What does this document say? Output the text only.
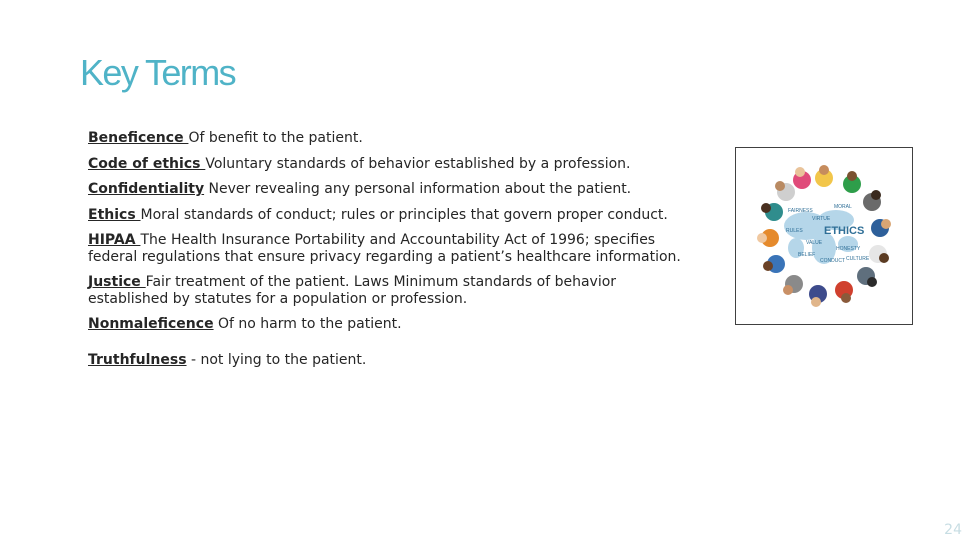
Key Terms
Beneficence Of benefit to the patient.
Code of ethics Voluntary standards of behavior established by a profession.
Confidentiality Never revealing any personal information about the patient.
Ethics Moral standards of conduct; rules or principles that govern proper conduct.
HIPAA The Health Insurance Portability and Accountability Act of 1996; specifies federal regulations that ensure privacy regarding a patient’s healthcare information.
Justice Fair treatment of the patient. Laws Minimum standards of behavior established by statutes for a population or profession.
Nonmaleficence Of no harm to the patient.
Truthfulness - not lying to the patient.
ETHICS
FAIRNESS
MORAL
RULES
VALUE
HONESTY
BELIEF
CONDUCT CULTURE
VIRTUE
24
